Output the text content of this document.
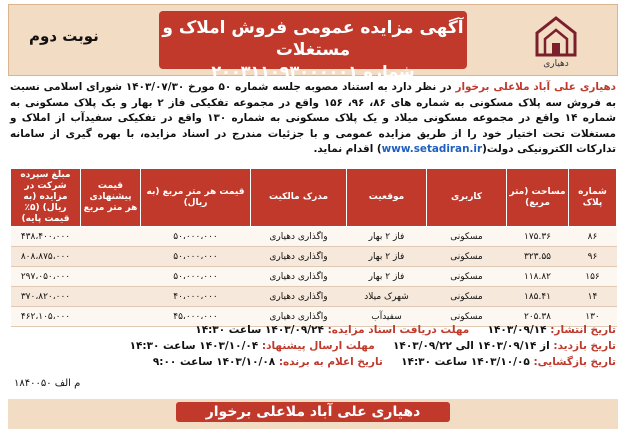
دهیاری
آگهی مزایده عمومی فروش املاک و مستغلات
شماره ۲۰۰۳۱۱۰۹۳۰۰۰۰۰۱
نوبت دوم
دهیاری علی آباد ملاعلی برخوار در نظر دارد به استناد مصوبه جلسه شماره ۵۰ مورخ ۱۴۰۳/۰۷/۳۰ شورای اسلامی نسبت به فروش سه پلاک مسکونی به شماره های ۸۶، ۹۶، ۱۵۶ واقع در مجموعه تفکیکی فاز ۲ بهار و یک پلاک مسکونی به شماره ۱۴ واقع در مجموعه مسکونی میلاد و یک پلاک مسکونی به شماره ۱۳۰ واقع در تفکیکی سفیدآب از املاک و مستغلات تحت اختیار خود را از طریق مزایده عمومی و با جزئیات مندرج در اسناد مزایده، با بهره گیری از سامانه تدارکات الکترونیکی دولت(www.setadiran.ir) اقدام نماید.
شماره پلاک	مساحت (متر مربع)	کاربری	موقعیت	مدرک مالکیت	قیمت هر متر مربع (به ریال)	قیمت پیشنهادی هر متر مربع	مبلغ سپرده شرکت در مزایده (به ریال) (۵٪ قیمت پایه)
۸۶	۱۷۵.۳۶	مسکونی	فاز ۲ بهار	واگذاری دهیاری	۵۰،۰۰۰،۰۰۰		۴۳۸،۴۰۰،۰۰۰
۹۶	۳۲۳.۵۵	مسکونی	فاز ۲ بهار	واگذاری دهیاری	۵۰،۰۰۰،۰۰۰		۸۰۸،۸۷۵،۰۰۰
۱۵۶	۱۱۸.۸۲	مسکونی	فاز ۲ بهار	واگذاری دهیاری	۵۰،۰۰۰،۰۰۰		۲۹۷،۰۵۰،۰۰۰
۱۴	۱۸۵.۴۱	مسکونی	شهرک میلاد	واگذاری دهیاری	۴۰،۰۰۰،۰۰۰		۳۷۰،۸۲۰،۰۰۰
۱۳۰	۲۰۵.۳۸	مسکونی	سفیدآب	واگذاری دهیاری	۴۵،۰۰۰،۰۰۰		۴۶۲،۱۰۵،۰۰۰
تاریخ انتشار: ۱۴۰۳/۰۹/۱۴     مهلت دریافت اسناد مزایده: ۱۴۰۳/۰۹/۲۴ ساعت ۱۴:۳۰
تاریخ بازدید: از ۱۴۰۳/۰۹/۱۴ الی ۱۴۰۳/۰۹/۲۲     مهلت ارسال پیشنهاد: ۱۴۰۳/۱۰/۰۴ ساعت ۱۴:۳۰
تاریخ بازگشایی: ۱۴۰۳/۱۰/۰۵ ساعت ۱۴:۳۰     تاریخ اعلام به برنده: ۱۴۰۳/۱۰/۰۸ ساعت ۹:۰۰
م الف ۱۸۴۰۰۵۰
دهیاری علی آباد ملاعلی برخوار
